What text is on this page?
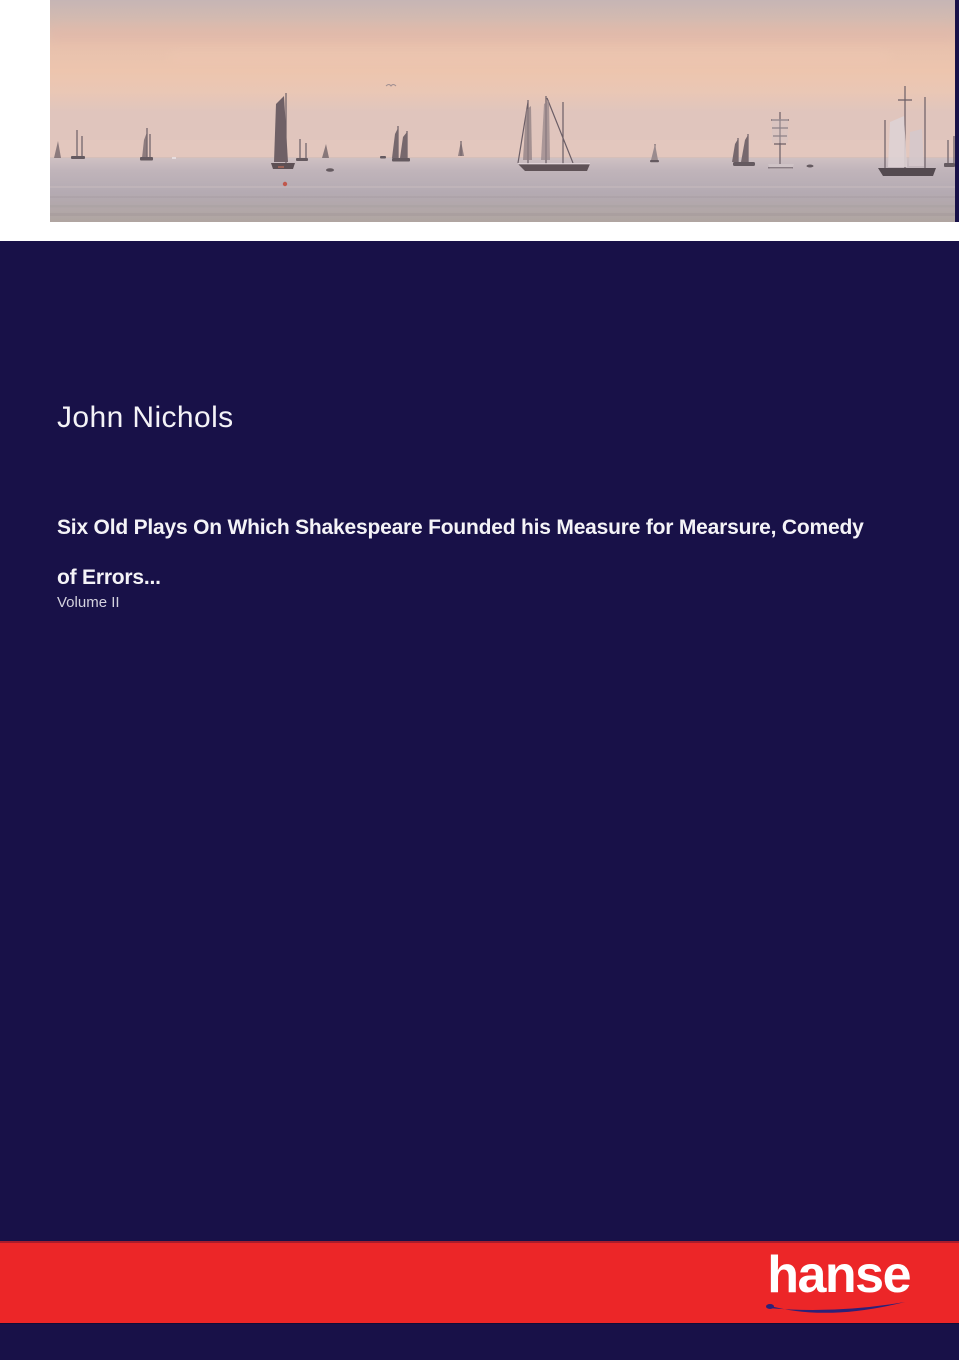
John Nichols
Six Old Plays On Which Shakespeare Founded his Measure for Mearsure, Comedy
of Errors...
Volume II
hanse
